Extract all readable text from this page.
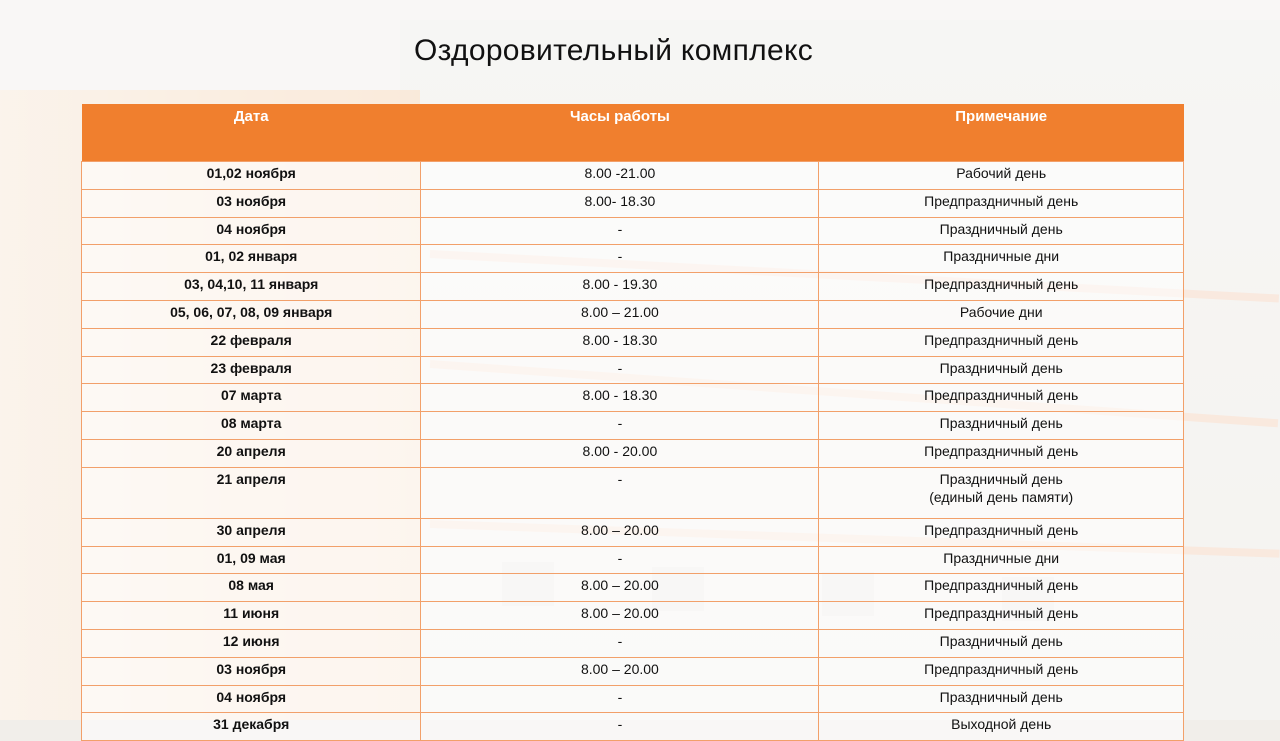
Оздоровительный комплекс
Дата	Часы работы	Примечание
01,02 ноября	8.00 -21.00	Рабочий день
03 ноября	8.00- 18.30	Предпраздничный день
04 ноября	-	Праздничный день
01, 02 января	-	Праздничные дни
03, 04,10, 11 января	8.00 - 19.30	Предпраздничный день
05, 06, 07, 08, 09 января	8.00 – 21.00	Рабочие дни
22 февраля	8.00 - 18.30	Предпраздничный день
23 февраля	-	Праздничный день
07 марта	8.00 - 18.30	Предпраздничный день
08 марта	-	Праздничный день
20 апреля	8.00 - 20.00	Предпраздничный день
21 апреля	-	Праздничный день
(единый день памяти)
30 апреля	8.00 – 20.00	Предпраздничный день
01, 09 мая	-	Праздничные дни
08 мая	8.00 – 20.00	Предпраздничный день
11 июня	8.00 – 20.00	Предпраздничный день
12 июня	-	Праздничный день
03 ноября	8.00 – 20.00	Предпраздничный день
04 ноября	-	Праздничный день
31 декабря	-	Выходной день
